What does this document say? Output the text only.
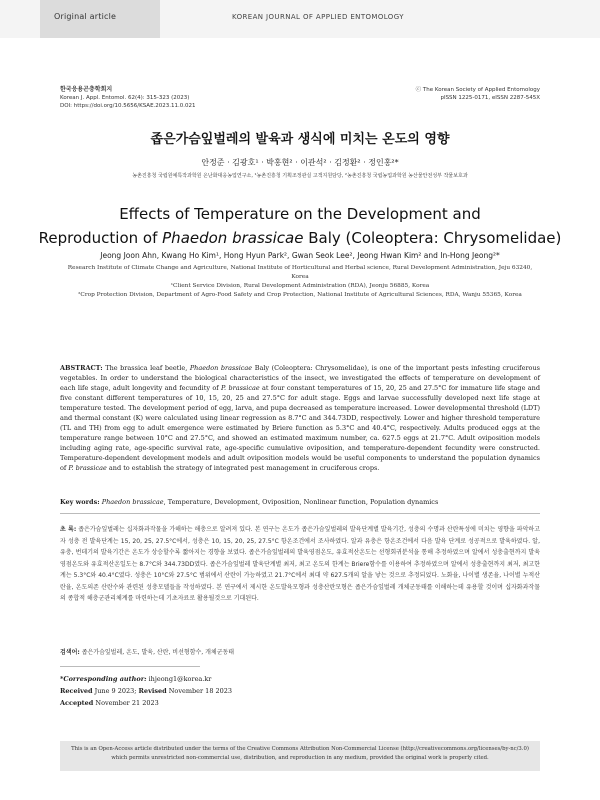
Original article	KOREAN JOURNAL OF APPLIED ENTOMOLOGY
한국응용곤충학회지
Korean J. Appl. Entomol. 62(4): 315-323 (2023)
DOI: https://doi.org/10.5656/KSAE.2023.11.0.021
ⓒ The Korean Society of Applied Entomology
pISSN 1225-0171, eISSN 2287-545X
좁은가슴잎벌레의 발육과 생식에 미치는 온도의 영향
안정준 · 김광호¹ · 박홍현² · 이관석² · 김정환² · 정인홍²*
농촌진흥청 국립원예특작과학원 온난화대응농업연구소, ¹농촌진흥청 기획조정관실 고객지원담당, ²농촌진흥청 국립농업과학원 농산물안전성부 작물보호과
Effects of Temperature on the Development and
Reproduction of Phaedon brassicae Baly (Coleoptera: Chrysomelidae)
Jeong Joon Ahn, Kwang Ho Kim¹, Hong Hyun Park², Gwan Seok Lee², Jeong Hwan Kim² and In-Hong Jeong²*
Research Institute of Climate Change and Agriculture, National Institute of Horticultural and Herbal science, Rural Development Administration, Jeju 63240, Korea
¹Client Service Division, Rural Development Administration (RDA), Jeonju 56885, Korea
²Crop Protection Division, Department of Agro-Food Safety and Crop Protection, National Institute of Agricultural Sciences, RDA, Wanju 55365, Korea
ABSTRACT: The brassica leaf beetle, Phaedon brassicae Baly (Coleoptera: Chrysomelidae), is one of the important pests infesting cruciferous vegetables. In order to understand the biological characteristics of the insect, we investigated the effects of temperature on development of each life stage, adult longevity and fecundity of P. brassicae at four constant temperatures of 15, 20, 25 and 27.5°C for immature life stage and five constant different temperatures of 10, 15, 20, 25 and 27.5°C for adult stage. Eggs and larvae successfully developed next life stage at temperature tested. The development period of egg, larva, and pupa decreased as temperature increased. Lower developmental threshold (LDT) and thermal constant (K) were calculated using linear regression as 8.7°C and 344.73DD, respectively. Lower and higher threshold temperature (TL and TH) from egg to adult emergence were estimated by Briere function as 5.3°C and 40.4°C, respectively. Adults produced eggs at the temperature range between 10°C and 27.5°C, and showed an estimated maximum number, ca. 627.5 eggs at 21.7°C. Adult oviposition models including aging rate, age-specific survival rate, age-specific cumulative oviposition, and temperature-dependent fecundity were constructed. Temperature-dependent development models and adult oviposition models would be useful components to understand the population dynamics of P. brassicae and to establish the strategy of integrated pest management in cruciferous crops.
Key words: Phaedon brassicae, Temperature, Development, Oviposition, Nonlinear function, Population dynamics
초 록: 좁은가슴잎벌레는 십자화과작물을 가해하는 해충으로 알려져 있다. 본 연구는 온도가 좁은가슴잎벌레의 발육단계별 발육기간, 성충의 수명과 산란특성에 미치는 영향을 파악하고자 성충 전 발육단계는 15, 20, 25, 27.5°C에서, 성충은 10, 15, 20, 25, 27.5°C 항온조건에서 조사하였다. 알과 유충은 항온조건에서 다음 발육 단계로 성공적으로 발육하였다. 알, 유충, 번데기의 발육기간은 온도가 상승할수록 짧아지는 경향을 보였다. 좁은가슴잎벌레의 발육영점온도, 유효적산온도는 선형회귀분석을 통해 추정하였으며 알에서 성충출현까지 발육영점온도와 유효적산온일도는 8.7°C와 344.73DD였다. 좁은가슴잎벌레 발육단계별 최저, 최고 온도의 한계는 Briere함수를 이용하여 추정하였으며 알에서 성충출현까지 최저, 최고한계는 5.3°C와 40.4°C였다. 성충은 10°C와 27.5°C 범위에서 산란이 가능하였고 21.7°C에서 최대 약 627.5개의 알을 낳는 것으로 추정되었다. 노화율, 나이별 생존율, 나이별 누적산란율, 온도의존 산란수와 관련된 성충모델들을 작성하였다. 본 연구에서 제시한 온도발육모형과 성충산란모형은 좁은가슴잎벌레 개체군동태를 이해하는데 유용할 것이며 십자화과작물의 종합적 해충군관리체계를 마련하는데 기초자료로 활용될것으로 기대된다.
검색어: 좁은가슴잎벌레, 온도, 발육, 산란, 비선형함수, 개체군동태
*Corresponding author: ihjeong1@korea.kr
Received June 9 2023; Revised November 18 2023
Accepted November 21 2023
This is an Open-Access article distributed under the terms of the Creative Commons Attribution Non-Commercial License (http://creativecommons.org/licenses/by-nc/3.0)
which permits unrestricted non-commercial use, distribution, and reproduction in any medium, provided the original work is properly cited.
